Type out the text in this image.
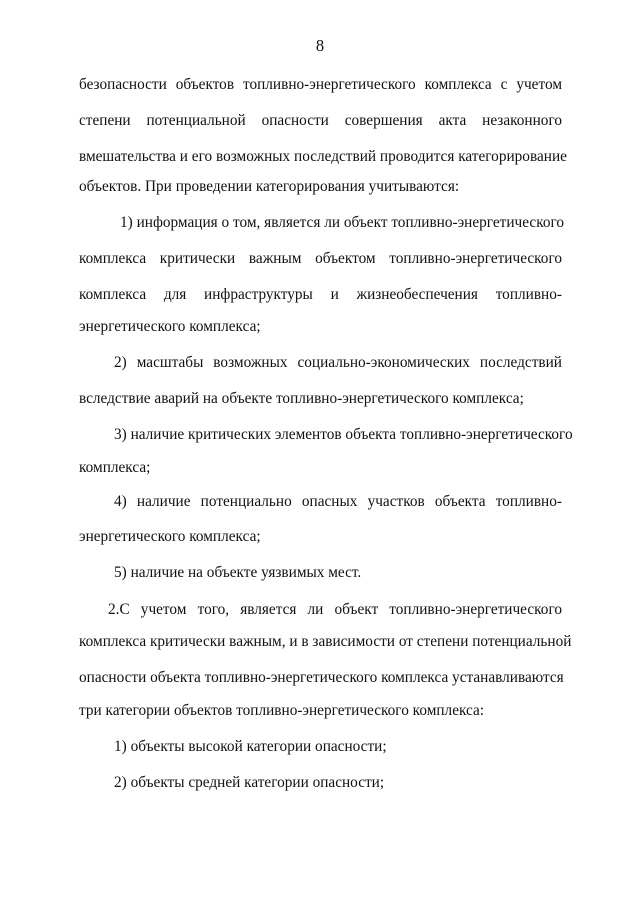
8
безопасности объектов топливно-энергетического комплекса с учетом
степени потенциальной опасности совершения акта незаконного
вмешательства и его возможных последствий проводится категорирование
объектов. При проведении категорирования учитываются:
1) информация о том, является ли объект топливно-энергетического
комплекса критически важным объектом топливно-энергетического
комплекса для инфраструктуры и жизнеобеспечения топливно-
энергетического комплекса;
2) масштабы возможных социально-экономических последствий
вследствие аварий на объекте топливно-энергетического комплекса;
3) наличие критических элементов объекта топливно-энергетического
комплекса;
4) наличие потенциально опасных участков объекта топливно-
энергетического комплекса;
5) наличие на объекте уязвимых мест.
2.С учетом того, является ли объект топливно-энергетического
комплекса критически важным, и в зависимости от степени потенциальной
опасности объекта топливно-энергетического комплекса устанавливаются
три категории объектов топливно-энергетического комплекса:
1) объекты высокой категории опасности;
2) объекты средней категории опасности;
